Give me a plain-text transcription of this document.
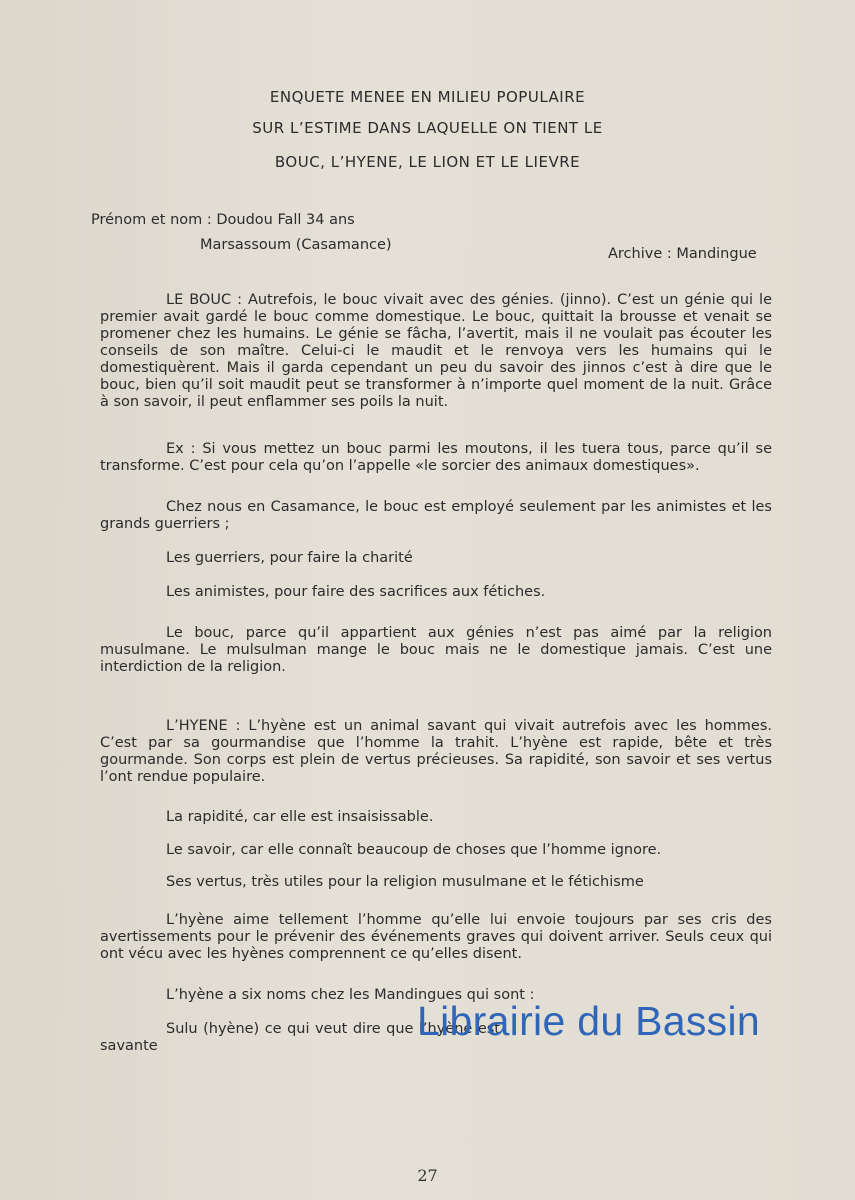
ENQUETE MENEE EN MILIEU POPULAIRE
SUR L’ESTIME DANS LAQUELLE ON TIENT LE
BOUC, L’HYENE, LE LION ET LE LIEVRE
Prénom et nom : Doudou Fall 34 ans
Marsassoum (Casamance)
Archive : Mandingue
LE BOUC : Autrefois, le bouc vivait avec des génies. (jinno). C’est un génie qui le premier avait gardé le bouc comme domestique. Le bouc, quittait la brousse et venait se promener chez les humains. Le génie se fâcha, l’avertit, mais il ne voulait pas écouter les conseils de son maître. Celui-ci le maudit et le renvoya vers les humains qui le domestiquèrent. Mais il garda cependant un peu du savoir des jinnos c’est à dire que le bouc, bien qu’il soit maudit peut se transformer à n’importe quel moment de la nuit. Grâce à son savoir, il peut enflammer ses poils la nuit.
Ex : Si vous mettez un bouc parmi les moutons, il les tuera tous, parce qu’il se transforme. C’est pour cela qu’on l’appelle «le sorcier des animaux domestiques».
Chez nous en Casamance, le bouc est employé seulement par les animistes et les grands guerriers ;
Les guerriers, pour faire la charité
Les animistes, pour faire des sacrifices aux fétiches.
Le bouc, parce qu’il appartient aux génies n’est pas aimé par la religion musulmane. Le mulsulman mange le bouc mais ne le domestique jamais. C’est une interdiction de la religion.
L’HYENE : L’hyène est un animal savant qui vivait autrefois avec les hommes. C’est par sa gourmandise que l’homme la trahit. L’hyène est rapide, bête et très gourmande. Son corps est plein de vertus précieuses. Sa rapidité, son savoir et ses vertus l’ont rendue populaire.
La rapidité, car elle est insaisissable.
Le savoir, car elle connaît beaucoup de choses que l’homme ignore.
Ses vertus, très utiles pour la religion musulmane et le fétichisme
L’hyène aime tellement l’homme qu’elle lui envoie toujours par ses cris des avertissements pour le prévenir des événements graves qui doivent arriver. Seuls ceux qui ont vécu avec les hyènes comprennent ce qu’elles disent.
L’hyène a six noms chez les Mandingues qui sont :
Sulu (hyène) ce qui veut dire que l’hyène est savante
Librairie du Bassin
27
